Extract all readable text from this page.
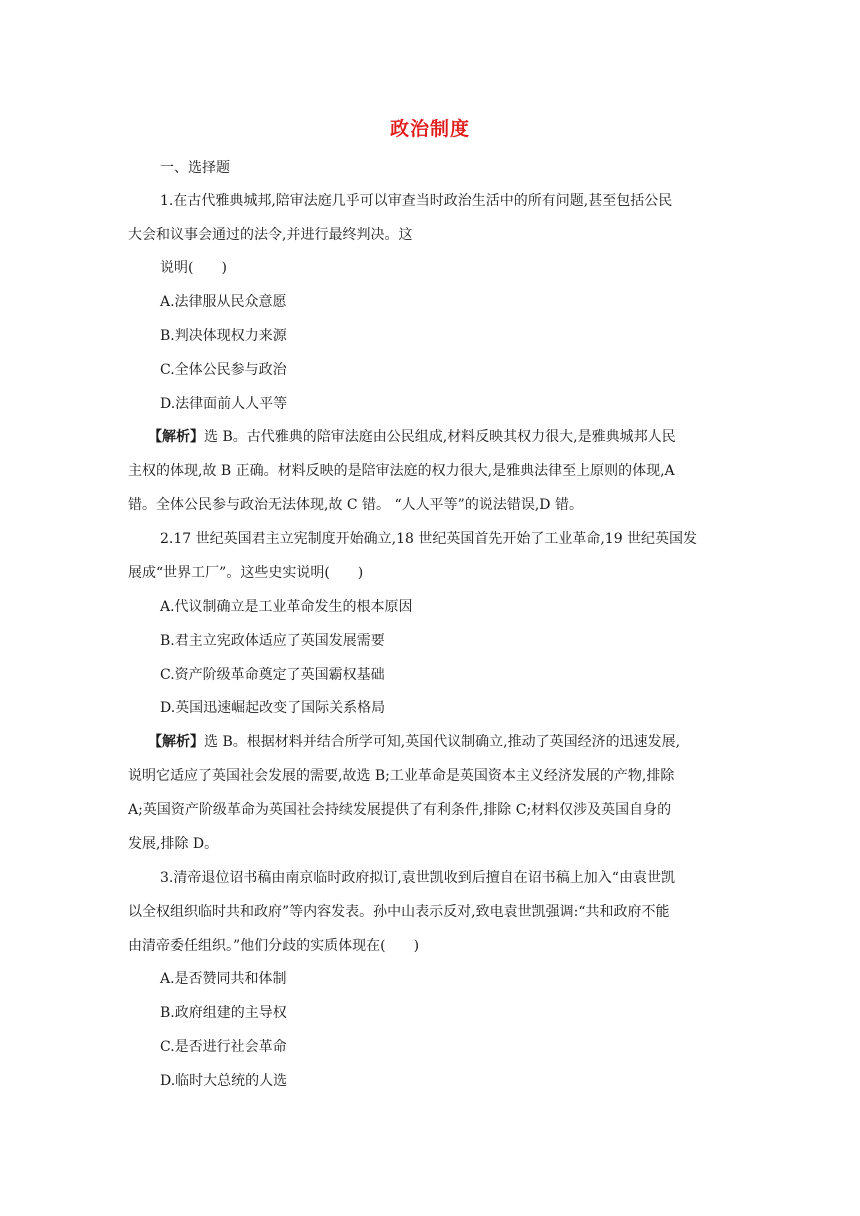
政治制度
一、选择题
1.在古代雅典城邦,陪审法庭几乎可以审查当时政治生活中的所有问题,甚至包括公民
大会和议事会通过的法令,并进行最终判决。这
说明(　　)
A.法律服从民众意愿
B.判决体现权力来源
C.全体公民参与政治
D.法律面前人人平等
【解析】选 B。古代雅典的陪审法庭由公民组成,材料反映其权力很大,是雅典城邦人民
主权的体现,故 B 正确。材料反映的是陪审法庭的权力很大,是雅典法律至上原则的体现,A
错。全体公民参与政治无法体现,故 C 错。 “人人平等”的说法错误,D 错。
2.17 世纪英国君主立宪制度开始确立,18 世纪英国首先开始了工业革命,19 世纪英国发
展成“世界工厂”。这些史实说明(　　)
A.代议制确立是工业革命发生的根本原因
B.君主立宪政体适应了英国发展需要
C.资产阶级革命奠定了英国霸权基础
D.英国迅速崛起改变了国际关系格局
【解析】选 B。根据材料并结合所学可知,英国代议制确立,推动了英国经济的迅速发展,
说明它适应了英国社会发展的需要,故选 B;工业革命是英国资本主义经济发展的产物,排除
A;英国资产阶级革命为英国社会持续发展提供了有利条件,排除 C;材料仅涉及英国自身的
发展,排除 D。
3.清帝退位诏书稿由南京临时政府拟订,袁世凯收到后擅自在诏书稿上加入“由袁世凯
以全权组织临时共和政府”等内容发表。孙中山表示反对,致电袁世凯强调:“共和政府不能
由清帝委任组织。”他们分歧的实质体现在(　　)
A.是否赞同共和体制
B.政府组建的主导权
C.是否进行社会革命
D.临时大总统的人选
